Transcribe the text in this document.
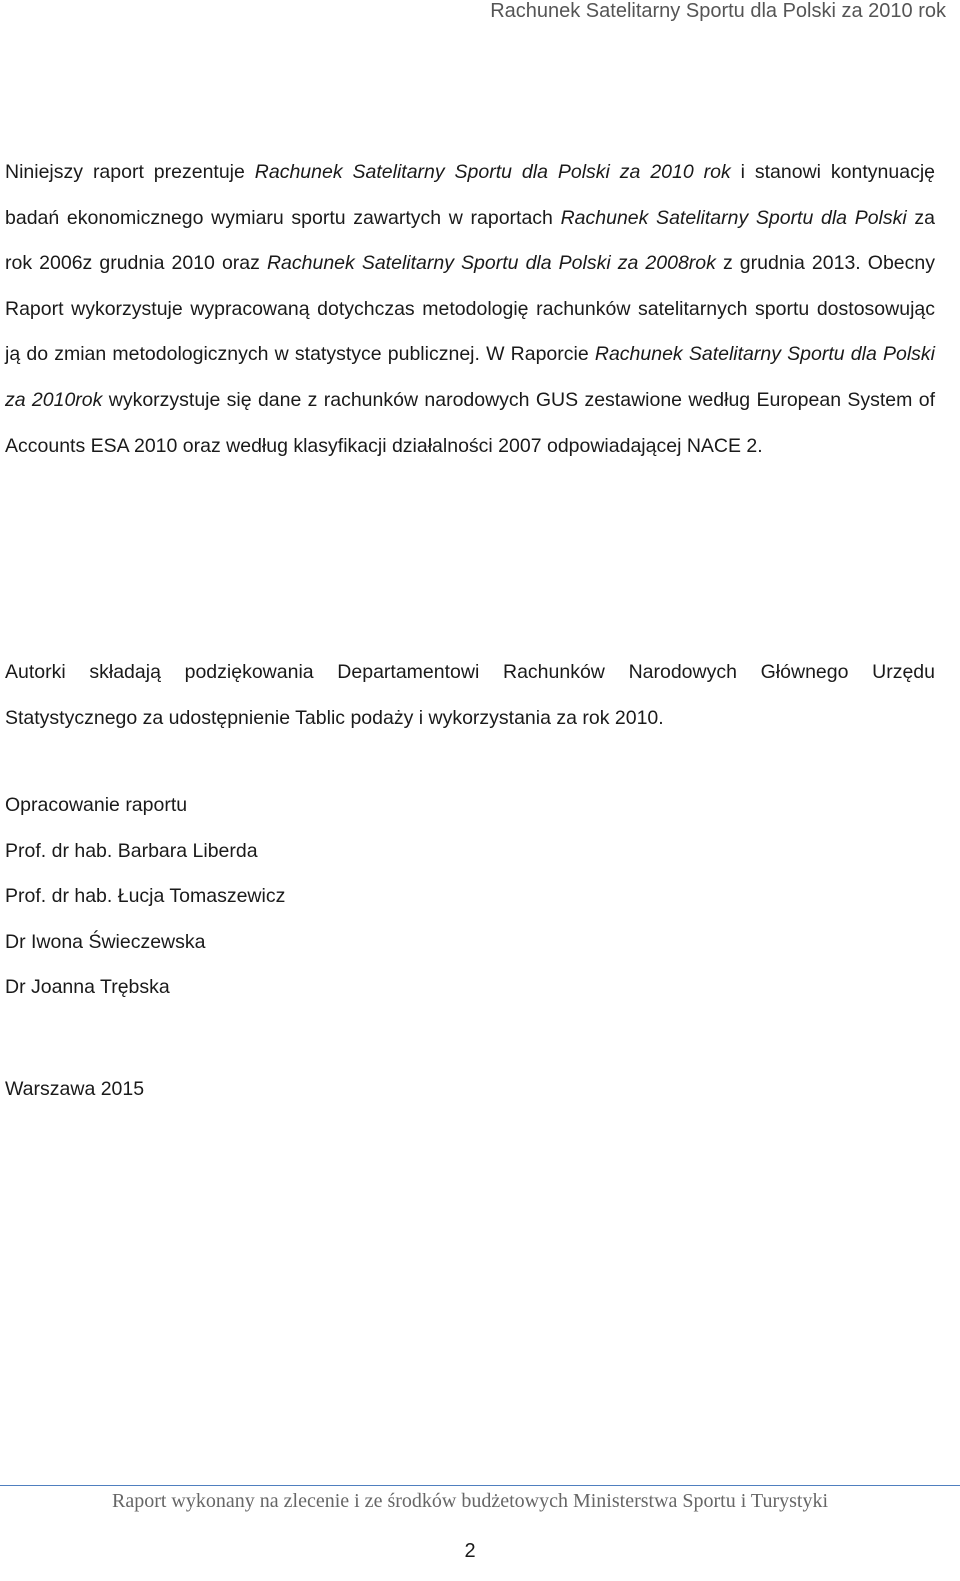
Rachunek Satelitarny Sportu dla Polski za 2010 rok
Niniejszy raport prezentuje Rachunek Satelitarny Sportu dla Polski za 2010 rok i stanowi kontynuację badań ekonomicznego wymiaru sportu zawartych w raportach Rachunek Satelitarny Sportu dla Polski za rok 2006z grudnia 2010 oraz Rachunek Satelitarny Sportu dla Polski za 2008rok z grudnia 2013. Obecny Raport wykorzystuje wypracowaną dotychczas metodologię rachunków satelitarnych sportu dostosowując ją do zmian metodologicznych w statystyce publicznej. W Raporcie Rachunek Satelitarny Sportu dla Polski za 2010rok wykorzystuje się dane z rachunków narodowych GUS zestawione według European System of Accounts ESA 2010 oraz według klasyfikacji działalności 2007 odpowiadającej NACE 2.
Autorki składają podziękowania Departamentowi Rachunków Narodowych Głównego Urzędu Statystycznego za udostępnienie Tablic podaży i wykorzystania za rok 2010.
Opracowanie raportu
Prof. dr hab. Barbara Liberda
Prof. dr hab. Łucja Tomaszewicz
Dr Iwona Świeczewska
Dr Joanna Trębska
Warszawa 2015
Raport wykonany na zlecenie i ze środków budżetowych Ministerstwa Sportu i Turystyki
2
